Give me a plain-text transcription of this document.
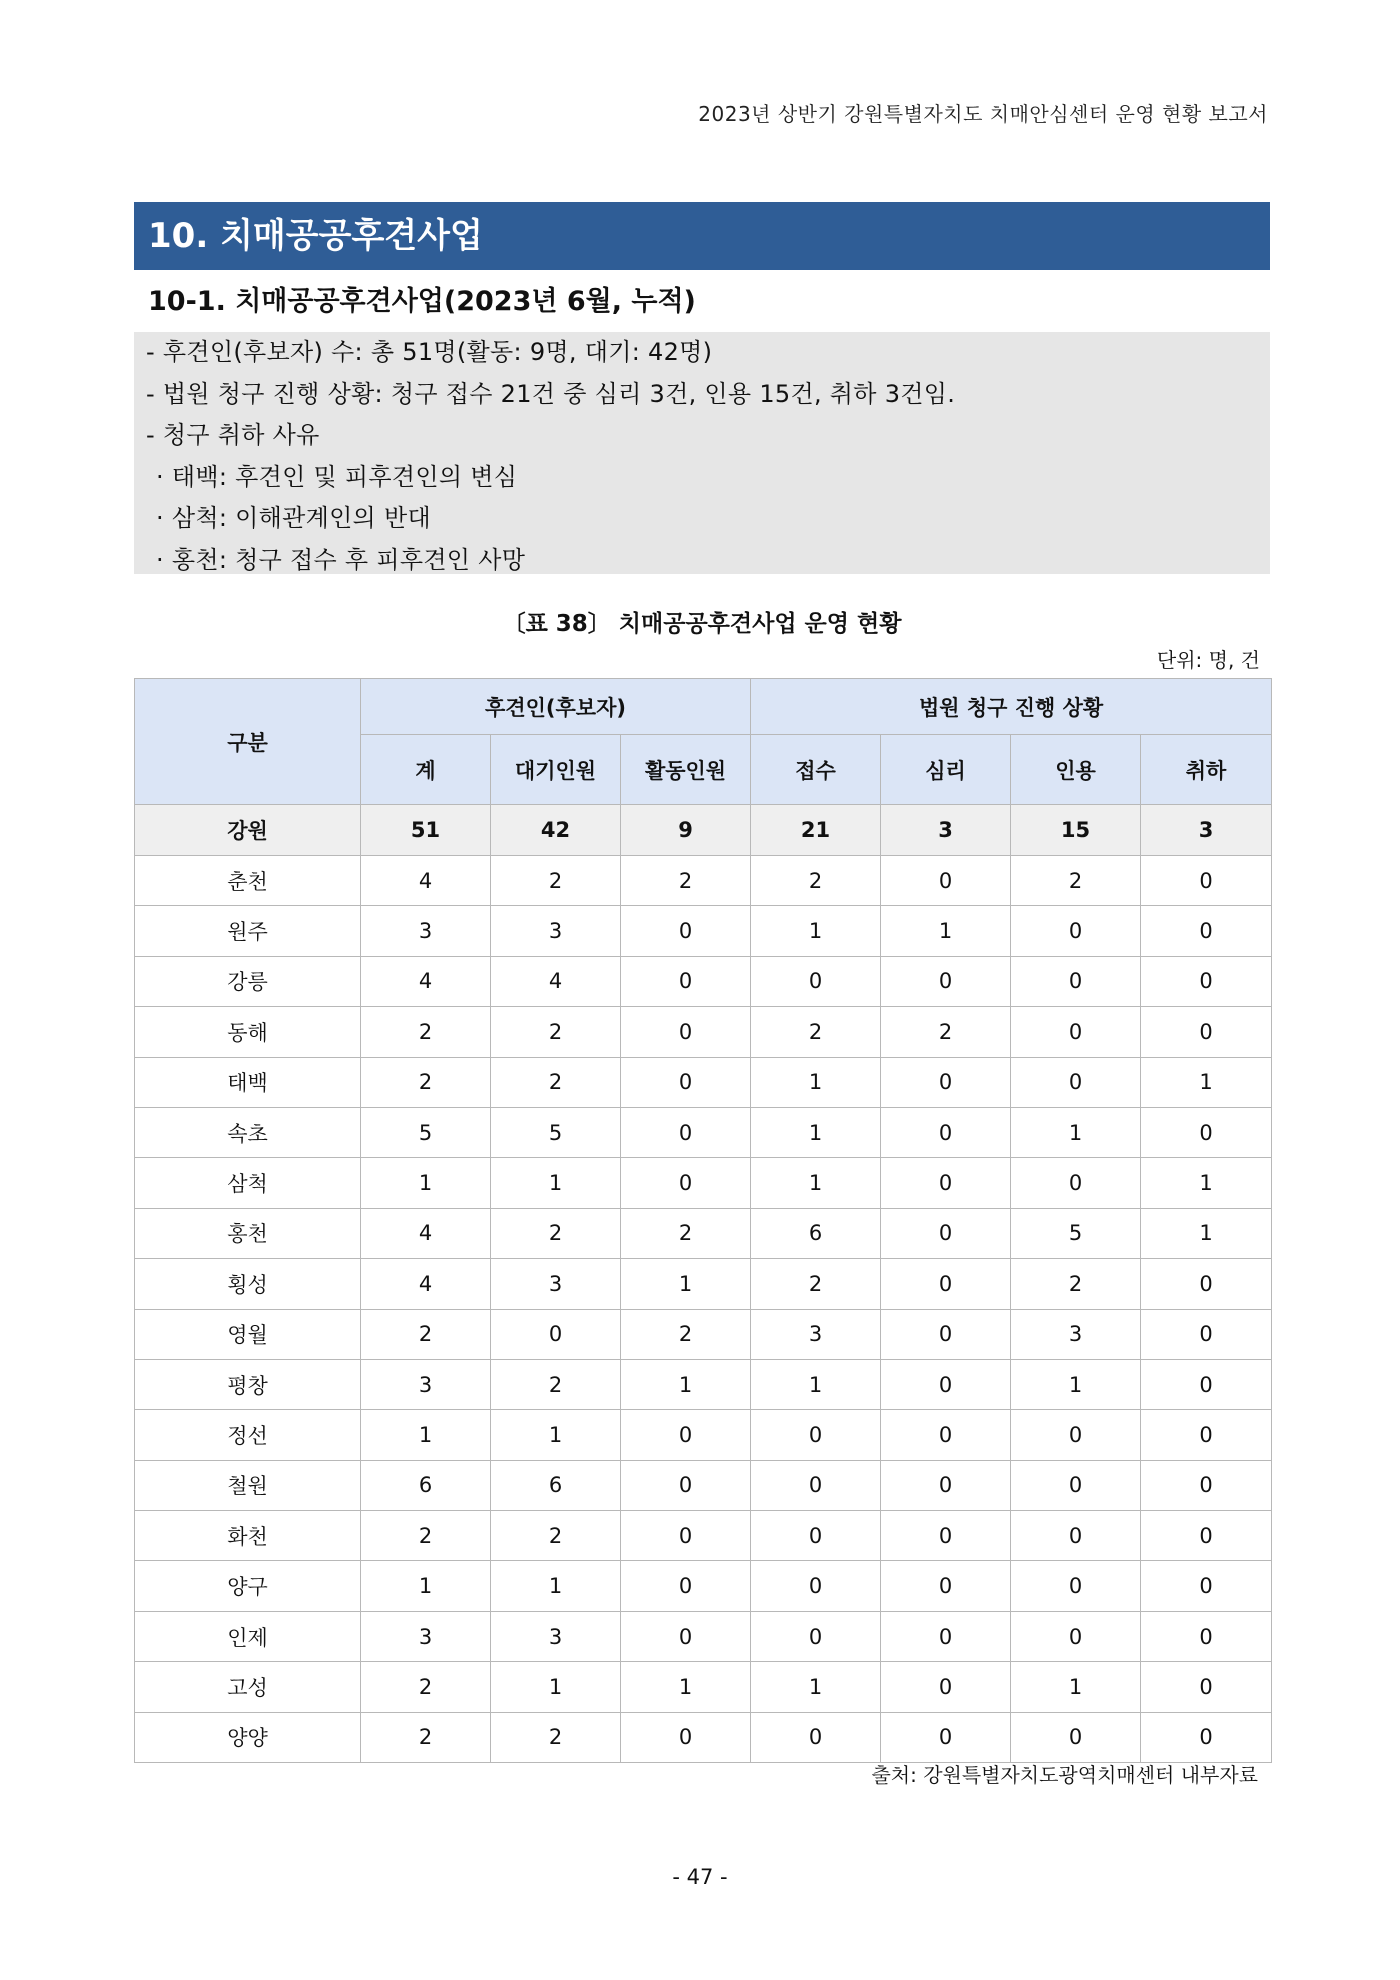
2023년 상반기 강원특별자치도 치매안심센터 운영 현황 보고서
10. 치매공공후견사업
10-1. 치매공공후견사업(2023년 6월, 누적)
- 후견인(후보자) 수: 총 51명(활동: 9명, 대기: 42명)
- 법원 청구 진행 상황: 청구 접수 21건 중 심리 3건, 인용 15건, 취하 3건임.
- 청구 취하 사유
· 태백: 후견인 및 피후견인의 변심
· 삼척: 이해관계인의 반대
· 홍천: 청구 접수 후 피후견인 사망
〔표 38〕 치매공공후견사업 운영 현황
단위: 명, 건
구분	후견인(후보자)			법원 청구 진행 상황			
	계	대기인원	활동인원	접수	심리	인용	취하
강원	51	42	9	21	3	15	3
춘천	4	2	2	2	0	2	0
원주	3	3	0	1	1	0	0
강릉	4	4	0	0	0	0	0
동해	2	2	0	2	2	0	0
태백	2	2	0	1	0	0	1
속초	5	5	0	1	0	1	0
삼척	1	1	0	1	0	0	1
홍천	4	2	2	6	0	5	1
횡성	4	3	1	2	0	2	0
영월	2	0	2	3	0	3	0
평창	3	2	1	1	0	1	0
정선	1	1	0	0	0	0	0
철원	6	6	0	0	0	0	0
화천	2	2	0	0	0	0	0
양구	1	1	0	0	0	0	0
인제	3	3	0	0	0	0	0
고성	2	1	1	1	0	1	0
양양	2	2	0	0	0	0	0
출처: 강원특별자치도광역치매센터 내부자료
- 47 -
